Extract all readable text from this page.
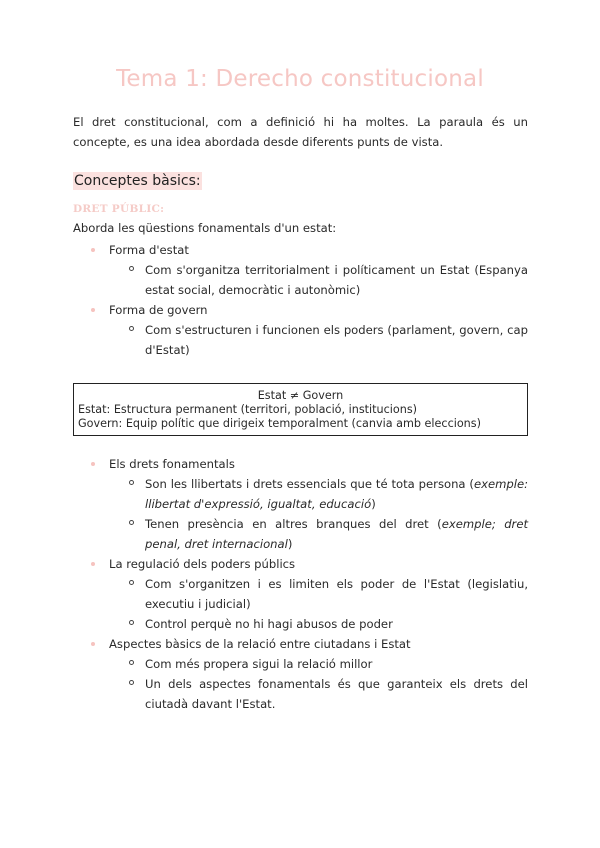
Tema 1: Derecho constitucional
El dret constitucional, com a definició hi ha moltes. La paraula és un concepte, es una idea abordada desde diferents punts de vista.
Conceptes bàsics:
DRET PÚBLIC:
Aborda les qüestions fonamentals d'un estat:
Forma d'estat
Com s'organitza territorialment i políticament un Estat (Espanya estat social, democràtic i autonòmic)
Forma de govern
Com s'estructuren i funcionen els poders (parlament, govern, cap d'Estat)
Estat ≠ Govern
Estat: Estructura permanent (territori, població, institucions)
Govern: Equip polític que dirigeix temporalment (canvia amb eleccions)
Els drets fonamentals
Son les llibertats i drets essencials que té tota persona (exemple: llibertat d'expressió, igualtat, educació)
Tenen presència en altres branques del dret (exemple; dret penal, dret internacional)
La regulació dels poders públics
Com s'organitzen i es limiten els poder de l'Estat (legislatiu, executiu i judicial)
Control perquè no hi hagi abusos de poder
Aspectes bàsics de la relació entre ciutadans i Estat
Com més propera sigui la relació millor
Un dels aspectes fonamentals és que garanteix els drets del ciutadà davant l'Estat.
